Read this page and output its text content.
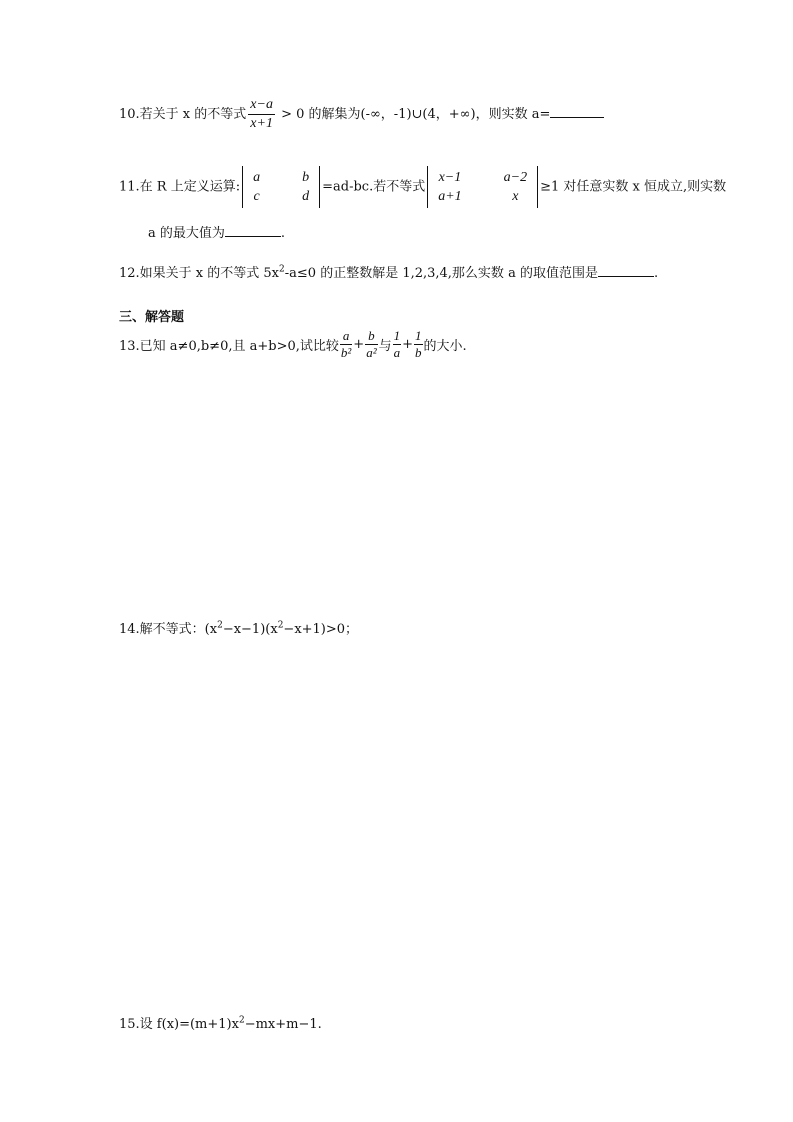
10.若关于 x 的不等式 $\frac{x-a}{x+1} > 0$ 的解集为(-∞，-1)∪(4，+∞)，则实数 a=
11.在 R 上定义运算:
a		b
c		d
=ad-bc.若不等式
x−1		a−2
a+1		x
≥1 对任意实数 x 恒成立,则实数
a 的最大值为	.
12.如果关于 x 的不等式 $5x^2-a\le 0$ 的正整数解是 1,2,3,4,那么实数 a 的取值范围是	.
三、解答题
13.已知 a≠0,b≠0,且 a+b>0,试比较 $\frac{a}{\text{b²}} + \frac{b}{\text{a²}}$ 与 $\frac{1}{a} + \frac{1}{b}$ 的大小.
14.解不等式：$(x^2-x-1)(x^2-x+1)>0$；
15.设 $f(x)=(m+1)x^2-mx+m-1$.
